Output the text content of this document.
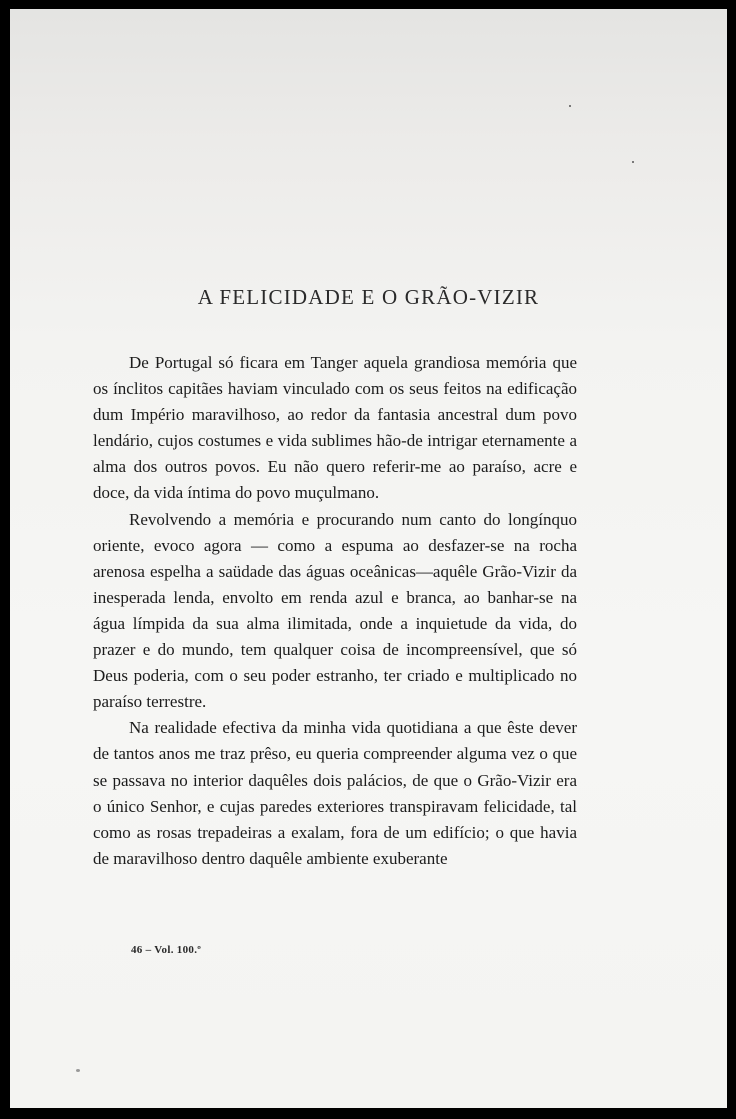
A FELICIDADE E O GRÃO-VIZIR

De Portugal só ficara em Tanger aquela grandiosa memória que os ínclitos capitães haviam vinculado com os seus feitos na edificação dum Império maravilhoso, ao redor da fantasia ancestral dum povo lendário, cujos costumes e vida sublimes hão-de intrigar eternamente a alma dos outros povos. Eu não quero referir-me ao paraíso, acre e doce, da vida íntima do povo muçulmano.

Revolvendo a memória e procurando num canto do longínquo oriente, evoco agora — como a espuma ao desfazer-se na rocha arenosa espelha a saüdade das águas oceânicas—aquêle Grão-Vizir da inesperada lenda, envolto em renda azul e branca, ao banhar-se na água límpida da sua alma ilimitada, onde a inquietude da vida, do prazer e do mundo, tem qualquer coisa de incompreensível, que só Deus poderia, com o seu poder estranho, ter criado e multiplicado no paraíso terrestre.

Na realidade efectiva da minha vida quotidiana a que êste dever de tantos anos me traz prêso, eu queria compreender alguma vez o que se passava no interior daquêles dois palácios, de que o Grão-Vizir era o único Senhor, e cujas paredes exteriores transpiravam felicidade, tal como as rosas trepadeiras a exalam, fora de um edifício; o que havia de maravilhoso dentro daquêle ambiente exuberante

46 – Vol. 100.º
